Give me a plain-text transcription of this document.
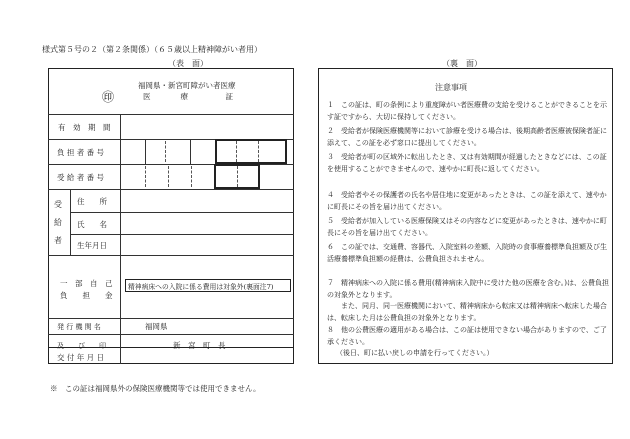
様式第５号の２（第２条関係）（６５歳以上精神障がい者用）
（表　面）	（裏　面）
福岡県・新宮町障がい者医療
㊞	医　　　　療　　　　　証
有　効　期　間
負 担 者 番 号
受 給 者 番 号
受　給　者
住　　所
氏　　名
生年月日
一　部　自　己
負　　担　　金
精神病床への入院に係る費用は対象外(裏面注7)
発 行 機 関 名
及　　び　　印
福岡県
新　宮　町　長
交 付 年 月 日
注意事項

１　この証は、町の条例により重度障がい者医療費の支給を受けることができることを示す証ですから、大切に保持してください。

２　受給者が保険医療機関等において診療を受ける場合は、後期高齢者医療被保険者証に添えて、この証を必ず窓口に提出してください。

３　受給者が町の区域外に転出したとき、又は有効期間が経過したときなどには、この証を使用することができませんので、速やかに町長に返してください。

４　受給者やその保護者の氏名や居住地に変更があったときは、この証を添えて、速やかに町長にその旨を届け出てください。

５　受給者が加入している医療保険又はその内容などに変更があったときは、速やかに町長にその旨を届け出てください。

６　この証では、交通費、容器代、入院室料の差額、入院時の食事療養標準負担額及び生活療養標準負担額の経費は、公費負担されません。

７　精神病床への入院に係る費用(精神病床入院中に受けた他の医療を含む。)は、公費負担の対象外となります。

　　また、同月、同一医療機関において、精神病床から転床又は精神病床へ転床した場合は、転床した月は公費負担の対象外となります。

８　他の公費医療の適用がある場合は、この証は使用できない場合がありますので、ご了承ください。

（後日、町に払い戻しの申請を行ってください。）

※　この証は福岡県外の保険医療機関等では使用できません。
